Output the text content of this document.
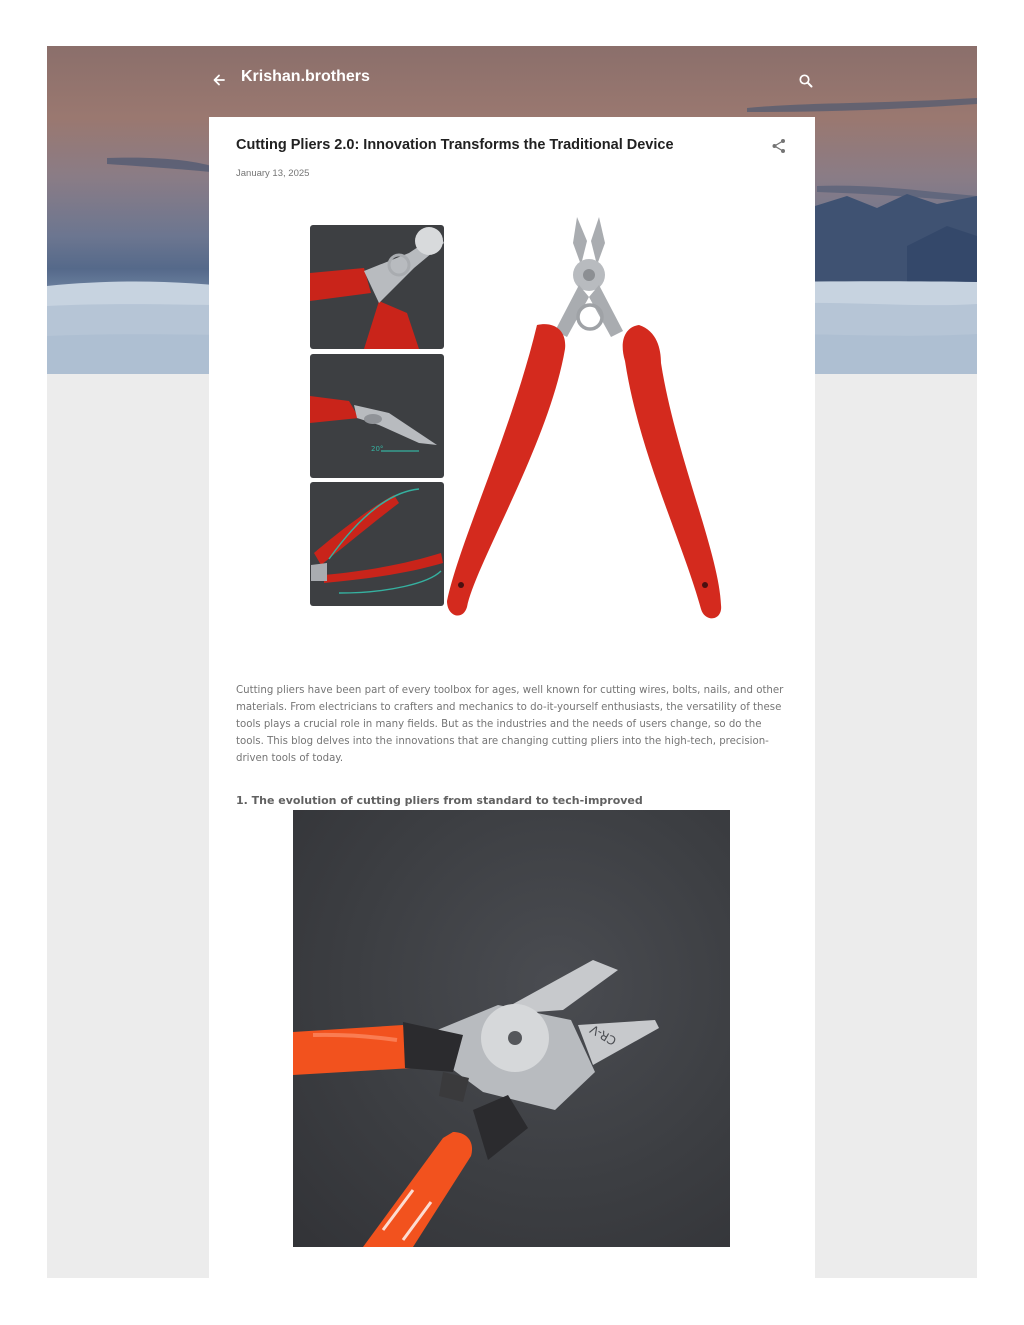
Krishan.brothers
Cutting Pliers 2.0: Innovation Transforms the Traditional Device
January 13, 2025
20°
Cutting pliers have been part of every toolbox for ages, well known for cutting wires, bolts, nails, and other materials. From electricians to crafters and mechanics to do-it-yourself enthusiasts, the versatility of these tools plays a crucial role in many fields. But as the industries and the needs of users change, so do the tools. This blog delves into the innovations that are changing cutting pliers into the high-tech, precision-driven tools of today.
1. The evolution of cutting pliers from standard to tech-improved
CR-V
